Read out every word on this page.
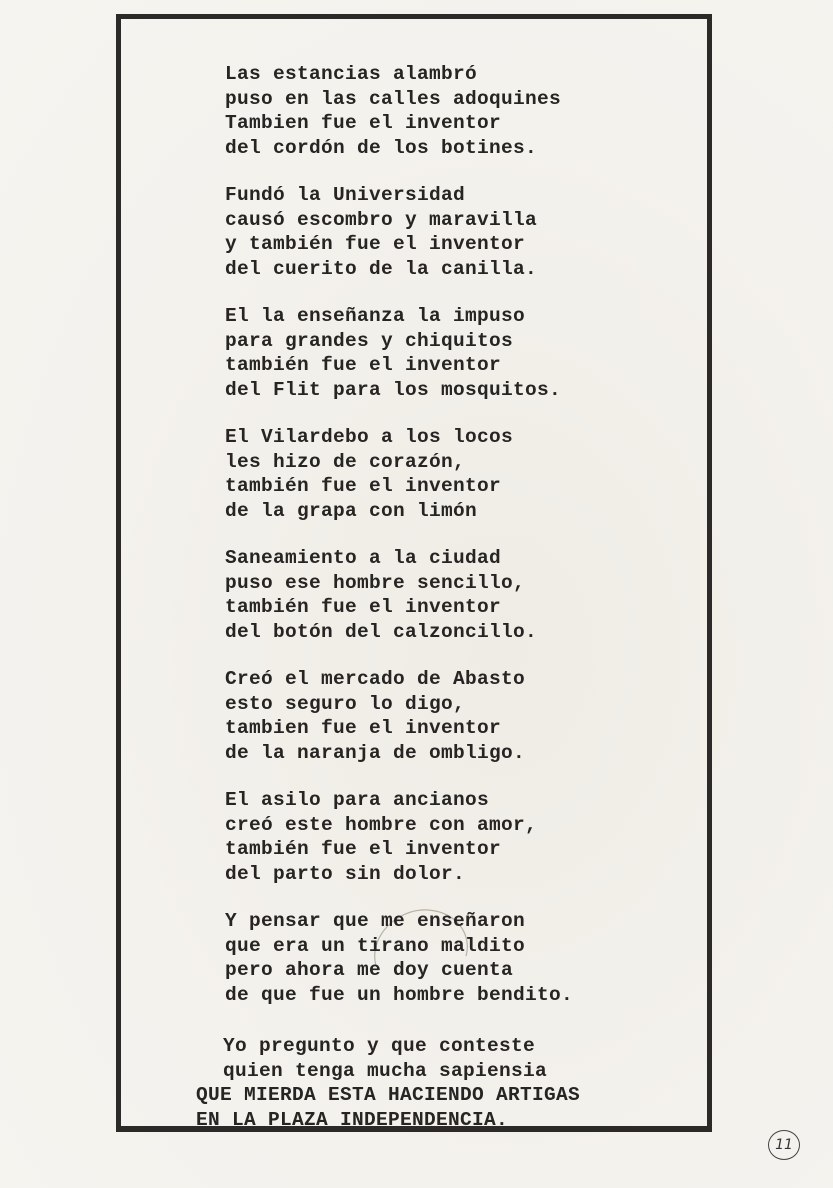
Las estancias alambró
puso en las calles adoquines
Tambien fue el inventor
del cordón de los botines.
Fundó la Universidad
causó escombro y maravilla
y también fue el inventor
del cuerito de la canilla.
El la enseñanza la impuso
para grandes y chiquitos
también fue el inventor
del Flit para los mosquitos.
El Vilardebo a los locos
les hizo de corazón,
también fue el inventor
de la grapa con limón
Saneamiento a la ciudad
puso ese hombre sencillo,
también fue el inventor
del botón del calzoncillo.
Creó el mercado de Abasto
esto seguro lo digo,
tambien fue el inventor
de la naranja de ombligo.
El asilo para ancianos
creó este hombre con amor,
también fue el inventor
del parto sin dolor.
Y pensar que me enseñaron
que era un tirano maldito
pero ahora me doy cuenta
de que fue un hombre bendito.
Yo pregunto y que conteste
quien tenga mucha sapiensia
QUE MIERDA ESTA HACIENDO ARTIGAS
EN LA PLAZA INDEPENDENCIA.
11
